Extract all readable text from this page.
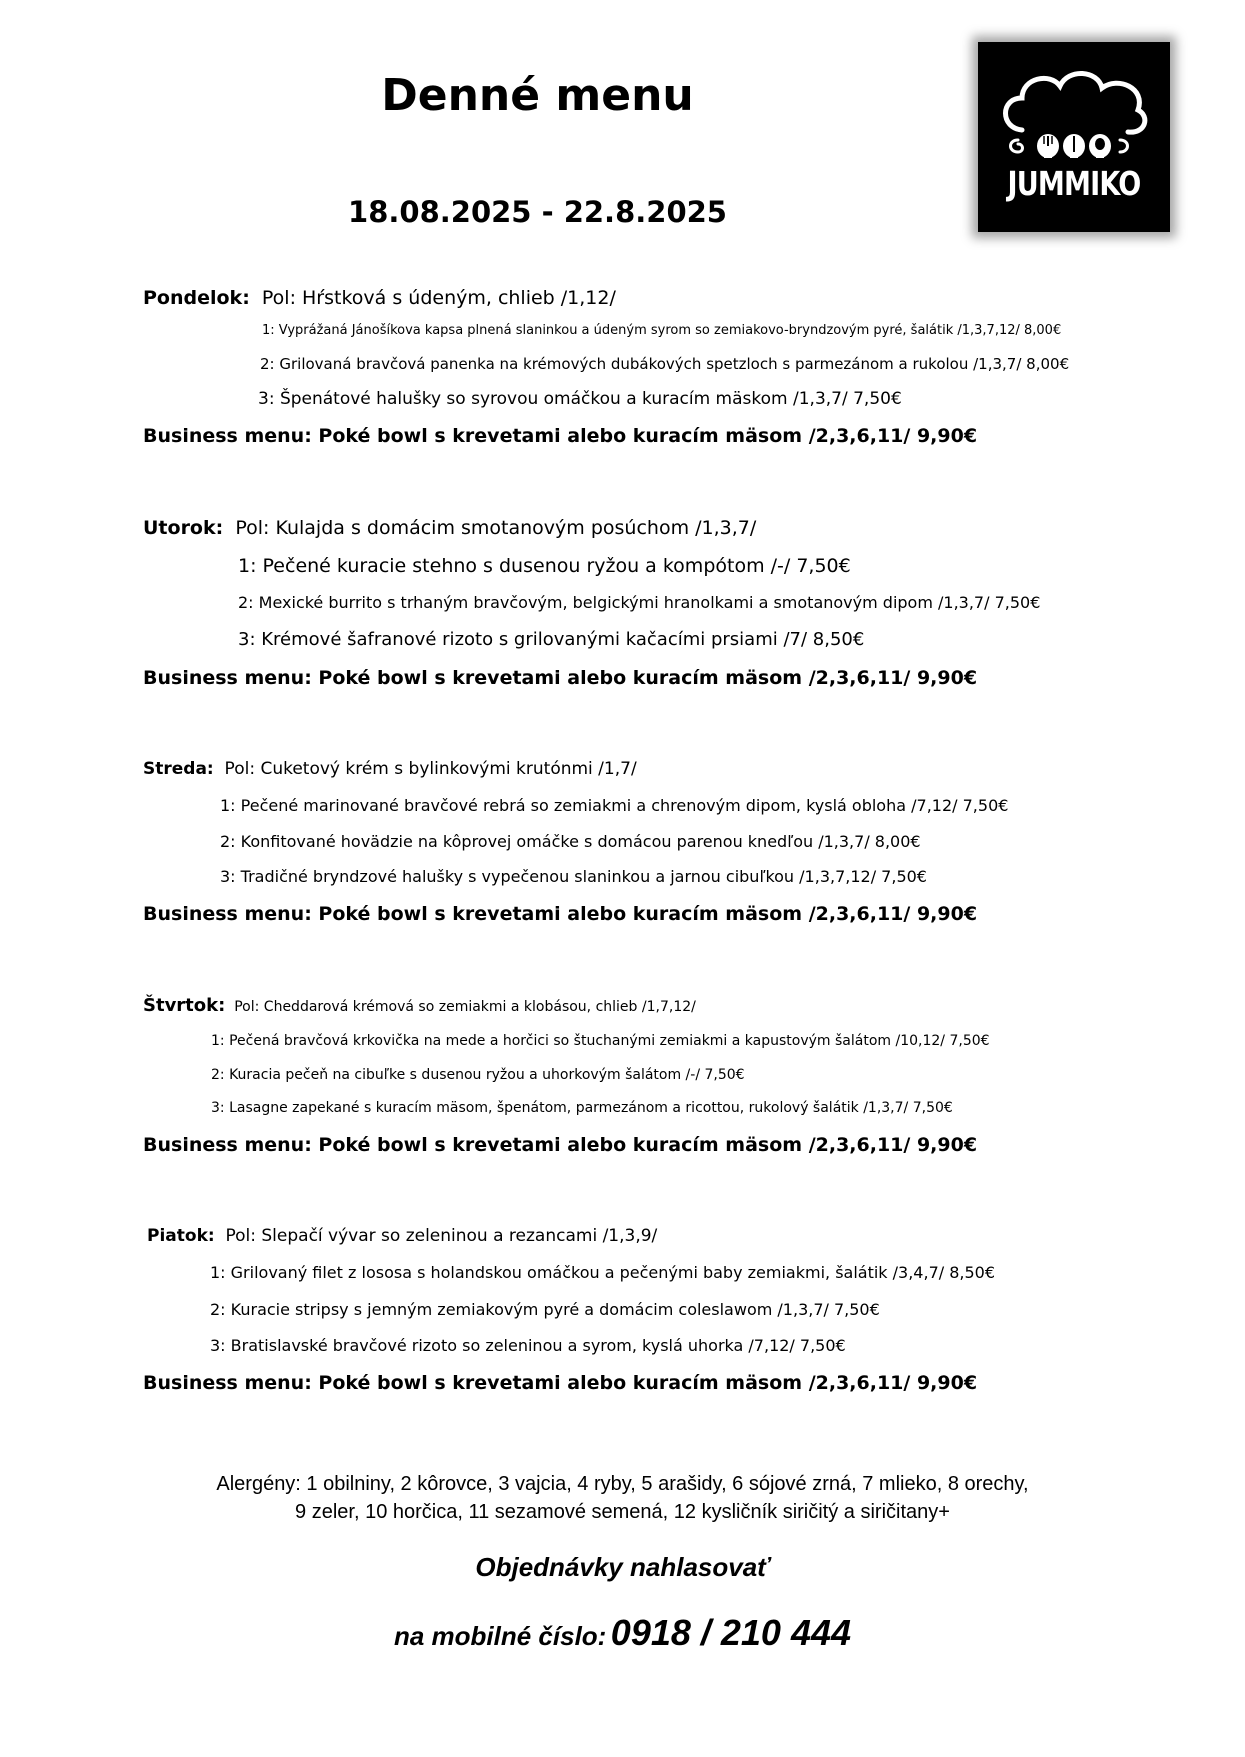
Denné menu
18.08.2025 - 22.8.2025
JUMMIKO
Pondelok: Pol: Hŕstková s údeným, chlieb /1,12/
1: Vyprážaná Jánošíkova kapsa plnená slaninkou a údeným syrom so zemiakovo-bryndzovým pyré, šalátik /1,3,7,12/ 8,00€
2: Grilovaná bravčová panenka na krémových dubákových spetzloch s parmezánom a rukolou /1,3,7/ 8,00€
3: Špenátové halušky so syrovou omáčkou a kuracím mäskom /1,3,7/ 7,50€
Business menu: Poké bowl s krevetami alebo kuracím mäsom /2,3,6,11/ 9,90€
Utorok: Pol: Kulajda s domácim smotanovým posúchom /1,3,7/
1: Pečené kuracie stehno s dusenou ryžou a kompótom /-/ 7,50€
2: Mexické burrito s trhaným bravčovým, belgickými hranolkami a smotanovým dipom /1,3,7/ 7,50€
3: Krémové šafranové rizoto s grilovanými kačacími prsiami /7/ 8,50€
Business menu: Poké bowl s krevetami alebo kuracím mäsom /2,3,6,11/ 9,90€
Streda: Pol: Cuketový krém s bylinkovými krutónmi /1,7/
1: Pečené marinované bravčové rebrá so zemiakmi a chrenovým dipom, kyslá obloha /7,12/ 7,50€
2: Konfitované hovädzie na kôprovej omáčke s domácou parenou knedľou /1,3,7/ 8,00€
3: Tradičné bryndzové halušky s vypečenou slaninkou a jarnou cibuľkou /1,3,7,12/ 7,50€
Business menu: Poké bowl s krevetami alebo kuracím mäsom /2,3,6,11/ 9,90€
Štvrtok: Pol: Cheddarová krémová so zemiakmi a klobásou, chlieb /1,7,12/
1: Pečená bravčová krkovička na mede a horčici so štuchanými zemiakmi a kapustovým šalátom /10,12/ 7,50€
2: Kuracia pečeň na cibuľke s dusenou ryžou a uhorkovým šalátom /-/ 7,50€
3: Lasagne zapekané s kuracím mäsom, špenátom, parmezánom a ricottou, rukolový šalátik /1,3,7/ 7,50€
Business menu: Poké bowl s krevetami alebo kuracím mäsom /2,3,6,11/ 9,90€
Piatok: Pol: Slepačí vývar so zeleninou a rezancami /1,3,9/
1: Grilovaný filet z lososa s holandskou omáčkou a pečenými baby zemiakmi, šalátik /3,4,7/ 8,50€
2: Kuracie stripsy s jemným zemiakovým pyré a domácim coleslawom /1,3,7/ 7,50€
3: Bratislavské bravčové rizoto so zeleninou a syrom, kyslá uhorka /7,12/ 7,50€
Business menu: Poké bowl s krevetami alebo kuracím mäsom /2,3,6,11/ 9,90€
Alergény: 1 obilniny, 2 kôrovce, 3 vajcia, 4 ryby, 5 arašidy, 6 sójové zrná, 7 mlieko, 8 orechy,
9 zeler, 10 horčica, 11 sezamové semená, 12 kysličník siričitý a siričitany+
Objednávky nahlasovať
na mobilné číslo: 0918 / 210 444
